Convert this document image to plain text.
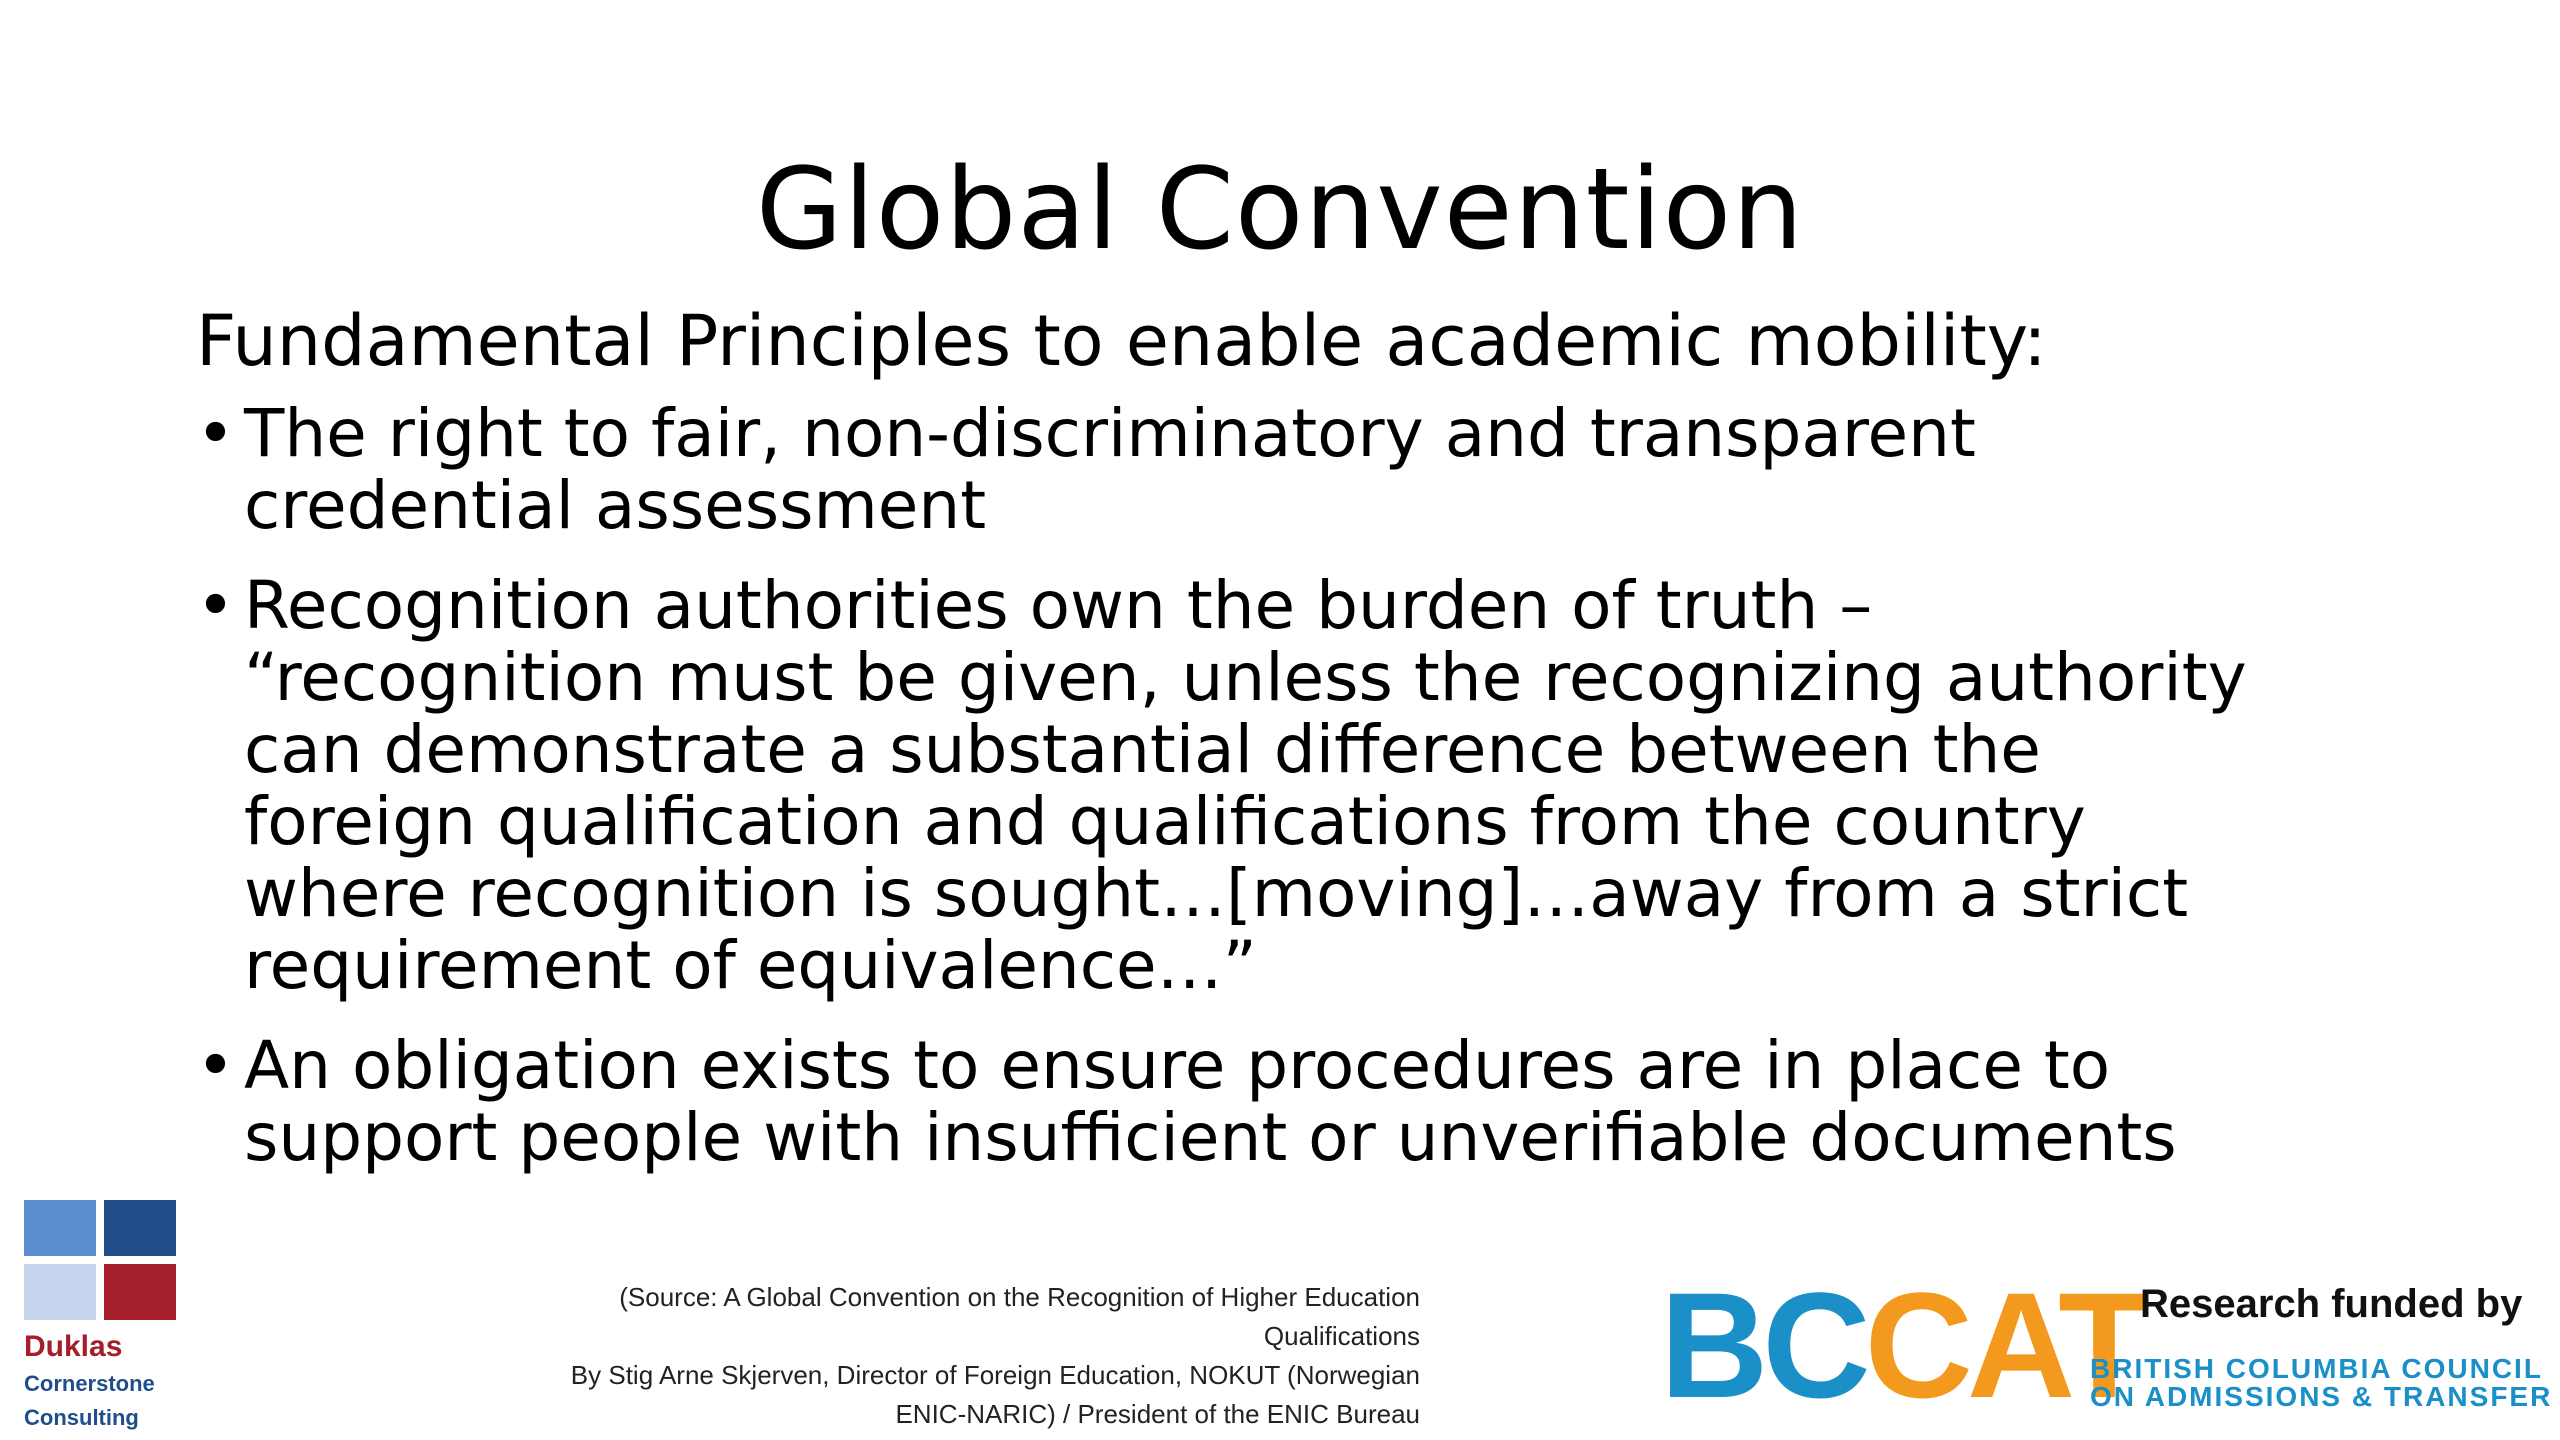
Global Convention
Fundamental Principles to enable academic mobility:
• The right to fair, non-discriminatory and transparent
credential assessment
• Recognition authorities own the burden of truth –
“recognition must be given, unless the recognizing authority
can demonstrate a substantial difference between the
foreign qualification and qualifications from the country
where recognition is sought…[moving]…away from a strict
requirement of equivalence…”
• An obligation exists to ensure procedures are in place to
support people with insufficient or unverifiable documents
Duklas
Cornerstone
Consulting
(Source: A Global Convention on the Recognition of Higher Education
Qualifications
By Stig Arne Skjerven, Director of Foreign Education, NOKUT (Norwegian
ENIC-NARIC) / President of the ENIC Bureau BCCAT
Research funded by
BRITISH COLUMBIA COUNCIL
ON ADMISSIONS & TRANSFER
